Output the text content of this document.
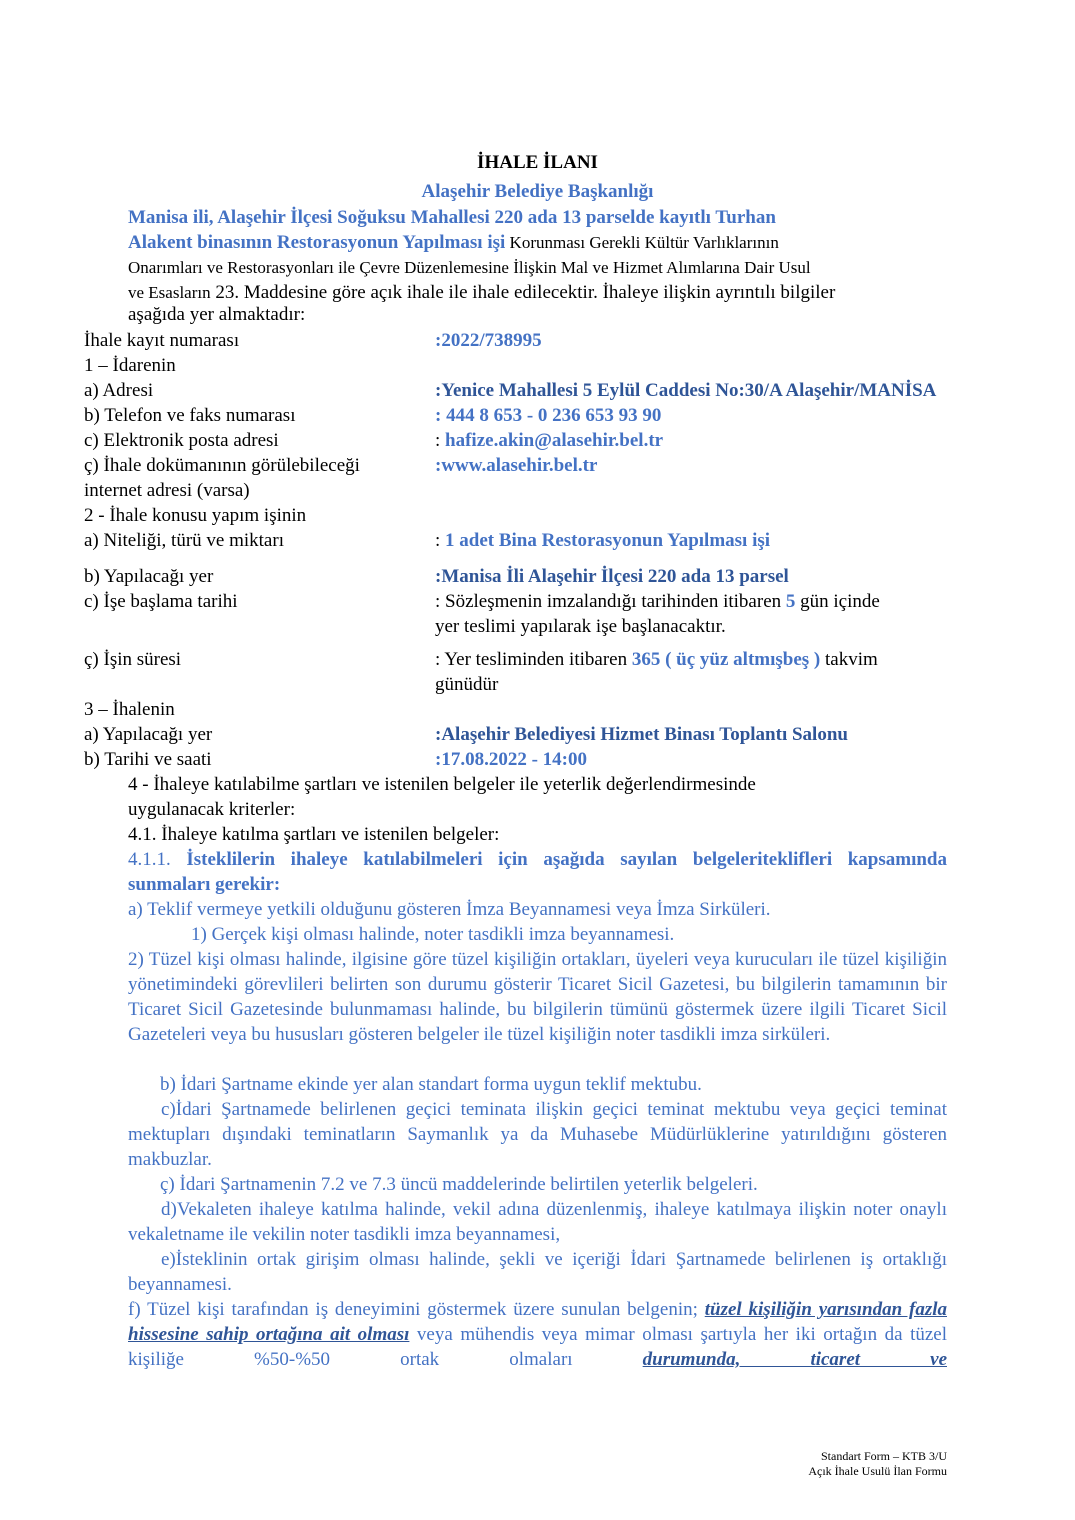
İHALE İLANI
Alaşehir Belediye Başkanlığı
Manisa ili, Alaşehir İlçesi Soğuksu Mahallesi 220 ada 13 parselde kayıtlı Turhan
Alakent binasının Restorasyonun Yapılması işi Korunması Gerekli Kültür Varlıklarının
Onarımları ve Restorasyonları ile Çevre Düzenlemesine İlişkin Mal ve Hizmet Alımlarına Dair Usul
ve Esasların 23. Maddesine göre açık ihale ile ihale edilecektir. İhaleye ilişkin ayrıntılı bilgiler
aşağıda yer almaktadır:
İhale kayıt numarası	:2022/738995
1 – İdarenin
a) Adresi	:Yenice Mahallesi 5 Eylül Caddesi No:30/A Alaşehir/MANİSA
b) Telefon ve faks numarası	: 444 8 653 - 0 236 653 93 90
c) Elektronik posta adresi	: hafize.akin@alasehir.bel.tr
ç) İhale dokümanının görülebileceği
internet adresi (varsa)
:www.alasehir.bel.tr
2 - İhale konusu yapım işinin
a) Niteliği, türü ve miktarı	: 1 adet Bina Restorasyonun Yapılması işi
b) Yapılacağı yer	:Manisa İli Alaşehir İlçesi 220 ada 13 parsel
c) İşe başlama tarihi	: Sözleşmenin imzalandığı tarihinden itibaren 5 gün içinde
yer teslimi yapılarak işe başlanacaktır.
ç) İşin süresi	: Yer tesliminden itibaren 365 ( üç yüz altmışbeş ) takvim
günüdür
3 – İhalenin
a) Yapılacağı yer	:Alaşehir Belediyesi Hizmet Binası Toplantı Salonu
b) Tarihi ve saati	:17.08.2022 - 14:00
4 - İhaleye katılabilme şartları ve istenilen belgeler ile yeterlik değerlendirmesinde
uygulanacak kriterler:
4.1. İhaleye katılma şartları ve istenilen belgeler:
4.1.1. İsteklilerin ihaleye katılabilmeleri için aşağıda sayılan belgeleriteklifleri kapsamında sunmaları gerekir:
a) Teklif vermeye yetkili olduğunu gösteren İmza Beyannamesi veya İmza Sirküleri.
1) Gerçek kişi olması halinde, noter tasdikli imza beyannamesi.
2) Tüzel kişi olması halinde, ilgisine göre tüzel kişiliğin ortakları, üyeleri veya kurucuları ile tüzel kişiliğin yönetimindeki görevlileri belirten son durumu gösterir Ticaret Sicil Gazetesi, bu bilgilerin tamamının bir Ticaret Sicil Gazetesinde bulunmaması halinde, bu bilgilerin tümünü göstermek üzere ilgili Ticaret Sicil Gazeteleri veya bu hususları gösteren belgeler ile tüzel kişiliğin noter tasdikli imza sirküleri.
b) İdari Şartname ekinde yer alan standart forma uygun teklif mektubu.
c)İdari Şartnamede belirlenen geçici teminata ilişkin geçici teminat mektubu veya geçici teminat mektupları dışındaki teminatların Saymanlık ya da Muhasebe Müdürlüklerine yatırıldığını gösteren makbuzlar.
ç) İdari Şartnamenin 7.2 ve 7.3 üncü maddelerinde belirtilen yeterlik belgeleri.
d)Vekaleten ihaleye katılma halinde, vekil adına düzenlenmiş, ihaleye katılmaya ilişkin noter onaylı vekaletname ile vekilin noter tasdikli imza beyannamesi,
e)İsteklinin ortak girişim olması halinde, şekli ve içeriği İdari Şartnamede belirlenen iş ortaklığı beyannamesi.
f) Tüzel kişi tarafından iş deneyimini göstermek üzere sunulan belgenin; tüzel kişiliğin yarısından fazla hissesine sahip ortağına ait olması veya mühendis veya mimar olması şartıyla her iki ortağın da tüzel kişiliğe %50-%50 ortak olmaları durumunda, ticaret ve
Standart Form – KTB 3/U
Açık İhale Usulü İlan Formu
